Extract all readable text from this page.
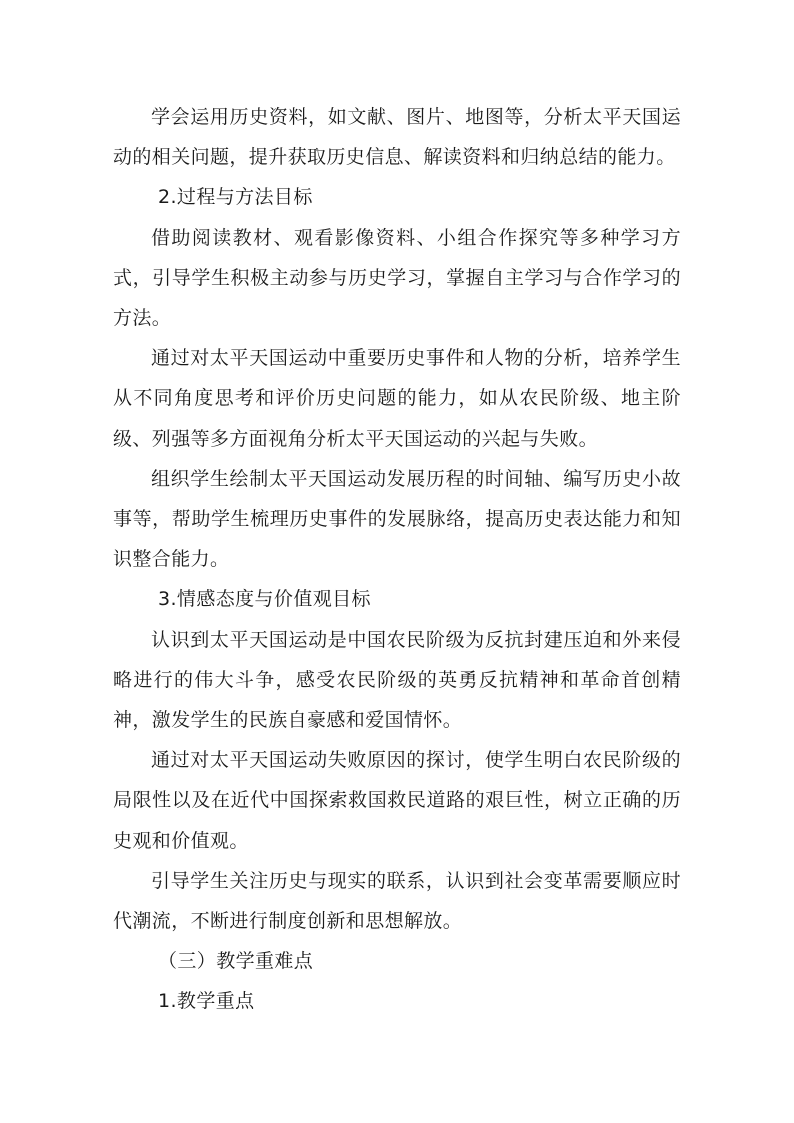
学会运用历史资料，如文献、图片、地图等，分析太平天国运动的相关问题，提升获取历史信息、解读资料和归纳总结的能力。

2.过程与方法目标

借助阅读教材、观看影像资料、小组合作探究等多种学习方式，引导学生积极主动参与历史学习，掌握自主学习与合作学习的方法。

通过对太平天国运动中重要历史事件和人物的分析，培养学生从不同角度思考和评价历史问题的能力，如从农民阶级、地主阶级、列强等多方面视角分析太平天国运动的兴起与失败。

组织学生绘制太平天国运动发展历程的时间轴、编写历史小故事等，帮助学生梳理历史事件的发展脉络，提高历史表达能力和知识整合能力。

3.情感态度与价值观目标

认识到太平天国运动是中国农民阶级为反抗封建压迫和外来侵略进行的伟大斗争，感受农民阶级的英勇反抗精神和革命首创精神，激发学生的民族自豪感和爱国情怀。

通过对太平天国运动失败原因的探讨，使学生明白农民阶级的局限性以及在近代中国探索救国救民道路的艰巨性，树立正确的历史观和价值观。

引导学生关注历史与现实的联系，认识到社会变革需要顺应时代潮流，不断进行制度创新和思想解放。

（三）教学重难点

1.教学重点
